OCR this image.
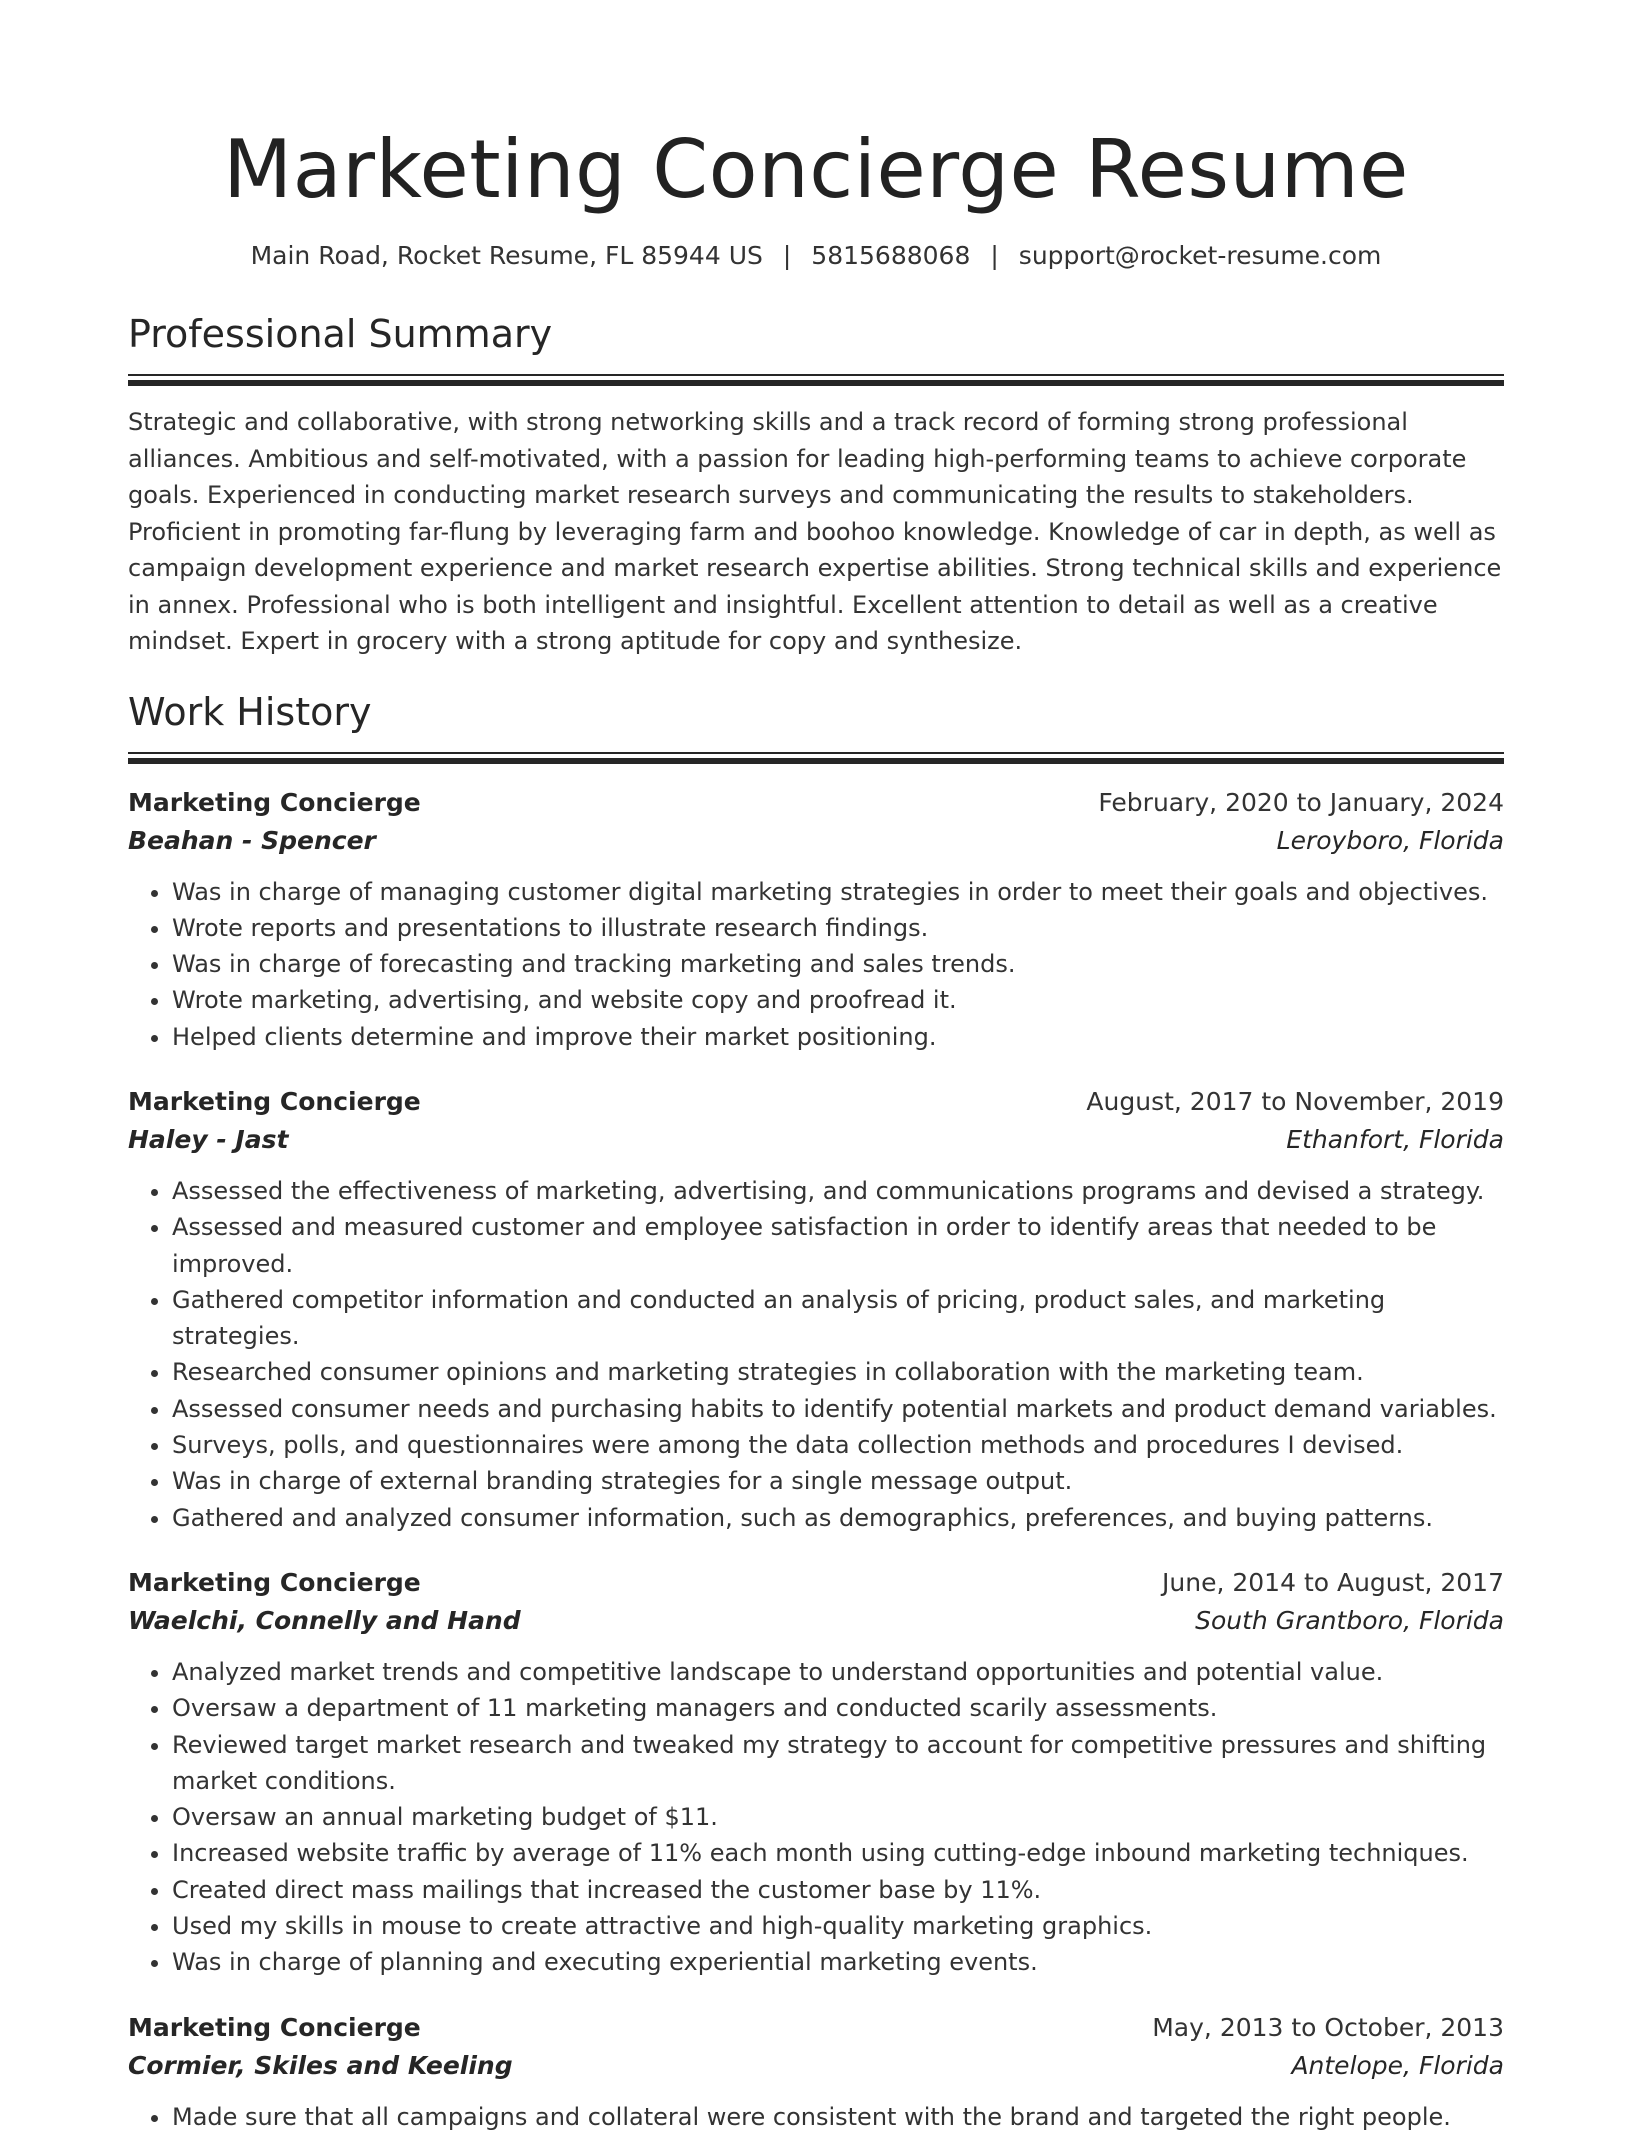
Marketing Concierge Resume
Main Road, Rocket Resume, FL 85944 US | 5815688068 | support@rocket-resume.com
Professional Summary

Strategic and collaborative, with strong networking skills and a track record of forming strong professional alliances. Ambitious and self-motivated, with a passion for leading high-performing teams to achieve corporate goals. Experienced in conducting market research surveys and communicating the results to stakeholders. Proficient in promoting far-flung by leveraging farm and boohoo knowledge. Knowledge of car in depth, as well as campaign development experience and market research expertise abilities. Strong technical skills and experience in annex. Professional who is both intelligent and insightful. Excellent attention to detail as well as a creative mindset. Expert in grocery with a strong aptitude for copy and synthesize.

Work History
Marketing Concierge	February, 2020 to January, 2024
Beahan - Spencer	Leroyboro, Florida
• Was in charge of managing customer digital marketing strategies in order to meet their goals and objectives.
• Wrote reports and presentations to illustrate research findings.
• Was in charge of forecasting and tracking marketing and sales trends.
• Wrote marketing, advertising, and website copy and proofread it.
• Helped clients determine and improve their market positioning.
Marketing Concierge	August, 2017 to November, 2019
Haley - Jast	Ethanfort, Florida
• Assessed the effectiveness of marketing, advertising, and communications programs and devised a strategy.
• Assessed and measured customer and employee satisfaction in order to identify areas that needed to be improved.
• Gathered competitor information and conducted an analysis of pricing, product sales, and marketing strategies.
• Researched consumer opinions and marketing strategies in collaboration with the marketing team.
• Assessed consumer needs and purchasing habits to identify potential markets and product demand variables.
• Surveys, polls, and questionnaires were among the data collection methods and procedures I devised.
• Was in charge of external branding strategies for a single message output.
• Gathered and analyzed consumer information, such as demographics, preferences, and buying patterns.
Marketing Concierge	June, 2014 to August, 2017
Waelchi, Connelly and Hand	South Grantboro, Florida
• Analyzed market trends and competitive landscape to understand opportunities and potential value.
• Oversaw a department of 11 marketing managers and conducted scarily assessments.
• Reviewed target market research and tweaked my strategy to account for competitive pressures and shifting market conditions.
• Oversaw an annual marketing budget of $11.
• Increased website traffic by average of 11% each month using cutting-edge inbound marketing techniques.
• Created direct mass mailings that increased the customer base by 11%.
• Used my skills in mouse to create attractive and high-quality marketing graphics.
• Was in charge of planning and executing experiential marketing events.
Marketing Concierge	May, 2013 to October, 2013
Cormier, Skiles and Keeling	Antelope, Florida
• Made sure that all campaigns and collateral were consistent with the brand and targeted the right people.
